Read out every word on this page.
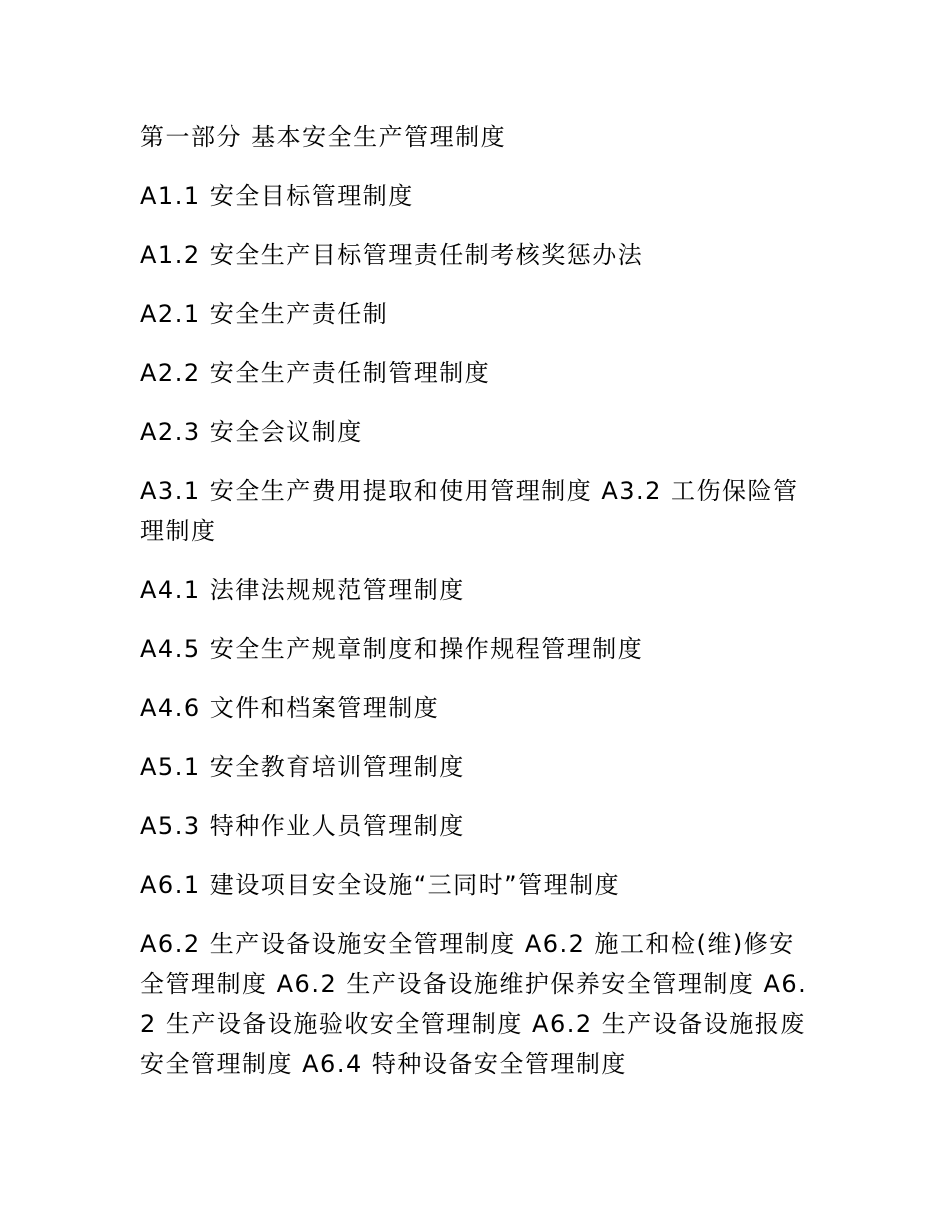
第一部分 基本安全生产管理制度

A1.1 安全目标管理制度

A1.2 安全生产目标管理责任制考核奖惩办法

A2.1 安全生产责任制

A2.2 安全生产责任制管理制度

A2.3 安全会议制度

A3.1 安全生产费用提取和使用管理制度 A3.2 工伤保险管理制度

A4.1 法律法规规范管理制度

A4.5 安全生产规章制度和操作规程管理制度

A4.6 文件和档案管理制度

A5.1 安全教育培训管理制度

A5.3 特种作业人员管理制度

A6.1 建设项目安全设施“三同时”管理制度

A6.2 生产设备设施安全管理制度 A6.2 施工和检(维)修安全管理制度 A6.2 生产设备设施维护保养安全管理制度 A6.2 生产设备设施验收安全管理制度 A6.2 生产设备设施报废安全管理制度 A6.4 特种设备安全管理制度
